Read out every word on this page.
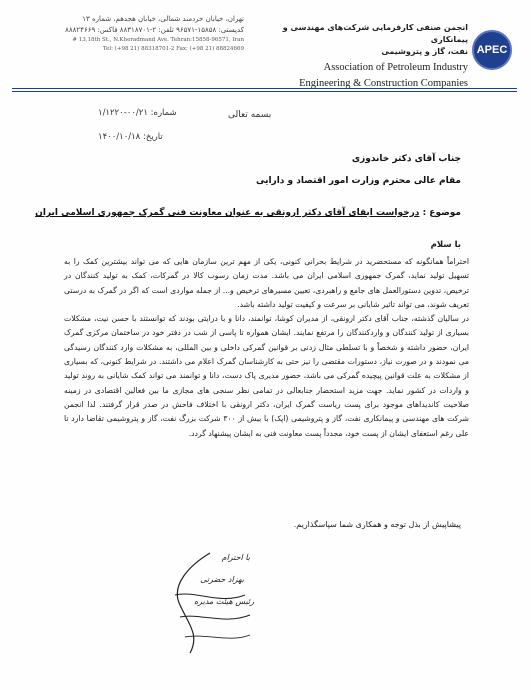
تهران، خیابان خردمند شمالی، خیابان هجدهم، شماره ۱۳
کدپستی: ۱۵۸۵۸-۹۶۵۷۱ تلفن: ۲-۸۸۳۱۸۷۰۱ فاکس: ۸۸۸۲۴۶۶۹
# 13,18th St., N.Kheradmand Ave. Tehran:15858-96571, Iran
Tel: (+98 21) 88318701-2 Fax: (+98 21) 88824669
انجمن صنفی کارفرمایی شرکت‌های مهندسی و پیمانکاری
نفت، گاز و پتروشیمی
Association of Petroleum Industry
Engineering & Construction Companies
APEC
بسمه تعالی
شماره: ۰۰/۲۱-۱/۱۲۲۰
تاریخ: ۱۴۰۰/۱۰/۱۸
جناب آقای دکتر خاندوزی
مقام عالی محترم وزارت امور اقتصاد و دارایی
موضوع : درخواست ابقای آقای دکتر ارونقی به عنوان معاونت فنی گمرک جمهوری اسلامی ایران
با سلام

احتراماً همانگونه که مستحضرید در شرایط بحرانی کنونی، یکی از مهم ترین سازمان هایی که می تواند بیشترین کمک را به تسهیل تولید نماید، گمرک جمهوری اسلامی ایران می باشد. مدت زمان رسوب کالا در گمرکات، کمک به تولید کنندگان در ترخیص، تدوین دستورالعمل های جامع و راهبردی، تعیین مسیرهای ترخیص و... از جمله مواردی است که اگر در گمرک به درستی تعریف شوند، می تواند تاثیر شایانی بر سرعت و کیفیت تولید داشته باشد.

در سالیان گذشته، جناب آقای دکتر ارونقی، از مدیران کوشا، توانمند، دانا و با درایتی بودند که توانستند با حسن نیت، مشکلات بسیاری از تولید کنندگان و واردکنندگان را مرتفع نمایند. ایشان همواره تا پاسی از شب در دفتر خود در ساختمان مرکزی گمرک ایران، حضور داشته و شخصاً و با تسلطی مثال زدنی بر قوانین گمرکی داخلی و بین المللی، به مشکلات وارد کنندگان رسیدگی می نمودند و در صورت نیاز، دستورات مقتضی را نیز حتی به کارشناسان گمرک اعلام می داشتند. در شرایط کنونی، که بسیاری از مشکلات به علت قوانین پیچیده گمرکی می باشد، حضور مدیری پاک دست، دانا و توانمند می تواند کمک شایانی به روند تولید و واردات در کشور نماید. جهت مزید استحضار جنابعالی در تمامی نظر سنجی های مجازی ما بین فعالین اقتصادی در زمینه صلاحیت کاندیداهای موجود برای پست ریاست گمرک ایران، دکتر ارونقی با اختلاف فاحش در صدر قرار گرفتند. لذا انجمن شرکت های مهندسی و پیمانکاری نفت، گاز و پتروشیمی (اپک) با بیش از ۳۰۰ شرکت بزرگ نفت، گاز و پتروشیمی تقاضا دارد تا علی رغم استعفای ایشان از پست خود، مجدداً پست معاونت فنی به ایشان پیشنهاد گردد.

پیشاپیش از بذل توجه و همکاری شما سپاسگذاریم.
با احترام
بهزاد حضرتی
رئیس هیئت مدیره
